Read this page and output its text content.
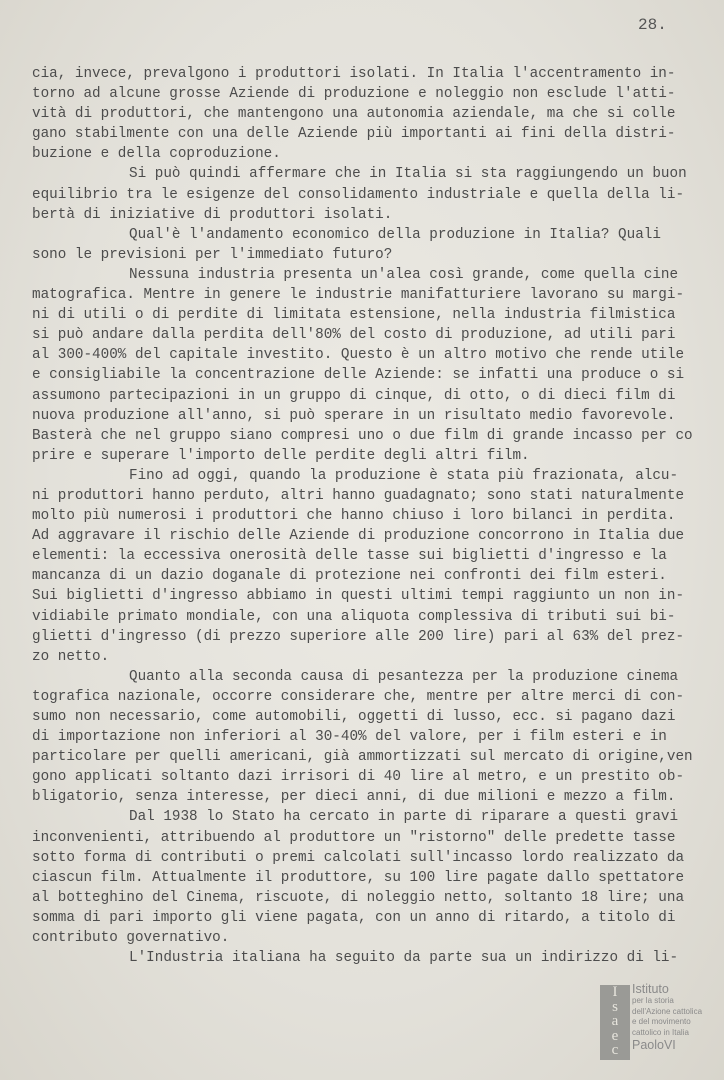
28.
cia, invece, prevalgono i produttori isolati. In Italia l'accentramento in-
torno ad alcune grosse Aziende di produzione e noleggio non esclude l'atti-
vità di produttori, che mantengono una autonomia aziendale, ma che si colle
gano stabilmente con una delle Aziende più importanti ai fini della distri-
buzione e della coproduzione.
Si può quindi affermare che in Italia si sta raggiungendo un buon
equilibrio tra le esigenze del consolidamento industriale e quella della li-
bertà di iniziative di produttori isolati.
Qual'è l'andamento economico della produzione in Italia? Quali
sono le previsioni per l'immediato futuro?
Nessuna industria presenta un'alea così grande, come quella cine
matografica. Mentre in genere le industrie manifatturiere lavorano su margi-
ni di utili o di perdite di limitata estensione, nella industria filmistica
si può andare dalla perdita dell'80% del costo di produzione, ad utili pari
al 300-400% del capitale investito. Questo è un altro motivo che rende utile
e consigliabile la concentrazione delle Aziende: se infatti una produce o si
assumono partecipazioni in un gruppo di cinque, di otto, o di dieci film di
nuova produzione all'anno, si può sperare in un risultato medio favorevole.
Basterà che nel gruppo siano compresi uno o due film di grande incasso per co
prire e superare l'importo delle perdite degli altri film.
Fino ad oggi, quando la produzione è stata più frazionata, alcu-
ni produttori hanno perduto, altri hanno guadagnato; sono stati naturalmente
molto più numerosi i produttori che hanno chiuso i loro bilanci in perdita.
Ad aggravare il rischio delle Aziende di produzione concorrono in Italia due
elementi: la eccessiva onerosità delle tasse sui biglietti d'ingresso e la
mancanza di un dazio doganale di protezione nei confronti dei film esteri.
Sui biglietti d'ingresso abbiamo in questi ultimi tempi raggiunto un non in-
vidiabile primato mondiale, con una aliquota complessiva di tributi sui bi-
glietti d'ingresso (di prezzo superiore alle 200 lire) pari al 63% del prez-
zo netto.
Quanto alla seconda causa di pesantezza per la produzione cinema
tografica nazionale, occorre considerare che, mentre per altre merci di con-
sumo non necessario, come automobili, oggetti di lusso, ecc. si pagano dazi
di importazione non inferiori al 30-40% del valore, per i film esteri e in
particolare per quelli americani, già ammortizzati sul mercato di origine,ven
gono applicati soltanto dazi irrisori di 40 lire al metro, e un prestito ob-
bligatorio, senza interesse, per dieci anni, di due milioni e mezzo a film.
Dal 1938 lo Stato ha cercato in parte di riparare a questi gravi
inconvenienti, attribuendo al produttore un "ristorno" delle predette tasse
sotto forma di contributi o premi calcolati sull'incasso lordo realizzato da
ciascun film. Attualmente il produttore, su 100 lire pagate dallo spettatore
al botteghino del Cinema, riscuote, di noleggio netto, soltanto 18 lire; una
somma di pari importo gli viene pagata, con un anno di ritardo, a titolo di
contributo governativo.
L'Industria italiana ha seguito da parte sua un indirizzo di li-
I
s
a
e
c
Istituto
per la storia
dell'Azione cattolica
e del movimento
cattolico in Italia
PaoloVI
